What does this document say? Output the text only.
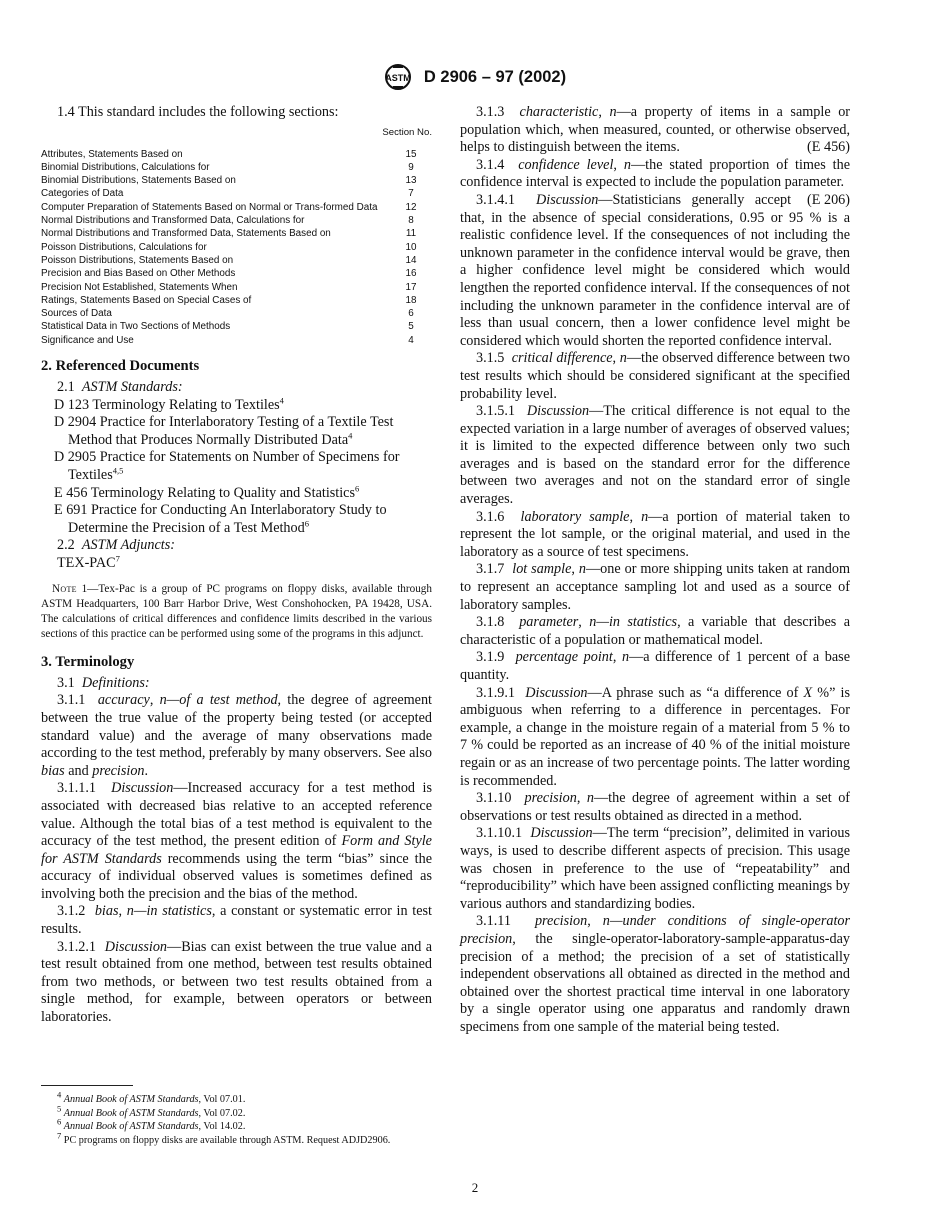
ASTM D 2906 – 97 (2002)

1.4 This standard includes the following sections:

Section No.
Attributes, Statements Based on	15
Binomial Distributions, Calculations for	9
Binomial Distributions, Statements Based on	13
Categories of Data	7
Computer Preparation of Statements Based on Normal or Trans-formed Data	12
Normal Distributions and Transformed Data, Calculations for	8
Normal Distributions and Transformed Data, Statements Based on	11
Poisson Distributions, Calculations for	10
Poisson Distributions, Statements Based on	14
Precision and Bias Based on Other Methods	16
Precision Not Established, Statements When	17
Ratings, Statements Based on Special Cases of	18
Sources of Data	6
Statistical Data in Two Sections of Methods	5
Significance and Use	4
2. Referenced Documents

2.1 ASTM Standards:

D 123 Terminology Relating to Textiles$^4$

D 2904 Practice for Interlaboratory Testing of a Textile Test Method that Produces Normally Distributed Data$^4$

D 2905 Practice for Statements on Number of Specimens for Textiles$^{4,5}$

E 456 Terminology Relating to Quality and Statistics$^6$

E 691 Practice for Conducting An Interlaboratory Study to Determine the Precision of a Test Method$^6$

2.2 ASTM Adjuncts:

TEX-PAC$^7$

Note 1—Tex-Pac is a group of PC programs on floppy disks, available through ASTM Headquarters, 100 Barr Harbor Drive, West Conshohocken, PA 19428, USA. The calculations of critical differences and confidence limits described in the various sections of this practice can be performed using some of the programs in this adjunct.

3. Terminology

3.1 Definitions:

3.1.1 accuracy, n—of a test method, the degree of agreement between the true value of the property being tested (or accepted standard value) and the average of many observations made according to the test method, preferably by many observers. See also bias and precision.

3.1.1.1 Discussion—Increased accuracy for a test method is associated with decreased bias relative to an accepted reference value. Although the total bias of a test method is equivalent to the accuracy of the test method, the present edition of Form and Style for ASTM Standards recommends using the term “bias” since the accuracy of individual observed values is sometimes defined as involving both the precision and the bias of the method.

3.1.2 bias, n—in statistics, a constant or systematic error in test results.

3.1.2.1 Discussion—Bias can exist between the true value and a test result obtained from one method, between test results obtained from two methods, or between two test results obtained from a single method, for example, between operators or between laboratories.

3.1.3 characteristic, n—a property of items in a sample or population which, when measured, counted, or otherwise observed, helps to distinguish between the items.	(E 456)

3.1.4 confidence level, n—the stated proportion of times the confidence interval is expected to include the population parameter.
(E 206)

3.1.4.1 Discussion—Statisticians generally accept that, in the absence of special considerations, 0.95 or 95 % is a realistic confidence level. If the consequences of not including the unknown parameter in the confidence interval would be grave, then a higher confidence level might be considered which would lengthen the reported confidence interval. If the consequences of not including the unknown parameter in the confidence interval are of less than usual concern, then a lower confidence level might be considered which would shorten the reported confidence interval.

3.1.5 critical difference, n—the observed difference between two test results which should be considered significant at the specified probability level.

3.1.5.1 Discussion—The critical difference is not equal to the expected variation in a large number of averages of observed values; it is limited to the expected difference between only two such averages and is based on the standard error for the difference between two averages and not on the standard error of single averages.

3.1.6 laboratory sample, n—a portion of material taken to represent the lot sample, or the original material, and used in the laboratory as a source of test specimens.

3.1.7 lot sample, n—one or more shipping units taken at random to represent an acceptance sampling lot and used as a source of laboratory samples.

3.1.8 parameter, n—in statistics, a variable that describes a characteristic of a population or mathematical model.

3.1.9 percentage point, n—a difference of 1 percent of a base quantity.

3.1.9.1 Discussion—A phrase such as “a difference of X %” is ambiguous when referring to a difference in percentages. For example, a change in the moisture regain of a material from 5 % to 7 % could be reported as an increase of 40 % of the initial moisture regain or as an increase of two percentage points. The latter wording is recommended.

3.1.10 precision, n—the degree of agreement within a set of observations or test results obtained as directed in a method.

3.1.10.1 Discussion—The term “precision”, delimited in various ways, is used to describe different aspects of precision. This usage was chosen in preference to the use of “repeatability” and “reproducibility” which have been assigned conflicting meanings by various authors and standardizing bodies.

3.1.11 precision, n—under conditions of single-operator precision, the single-operator-laboratory-sample-apparatus-day precision of a method; the precision of a set of statistically independent observations all obtained as directed in the method and obtained over the shortest practical time interval in one laboratory by a single operator using one apparatus and randomly drawn specimens from one sample of the material being tested.

$^4$ Annual Book of ASTM Standards, Vol 07.01.
$^5$ Annual Book of ASTM Standards, Vol 07.02.
$^6$ Annual Book of ASTM Standards, Vol 14.02.
$^7$ PC programs on floppy disks are available through ASTM. Request ADJD2906.
2
